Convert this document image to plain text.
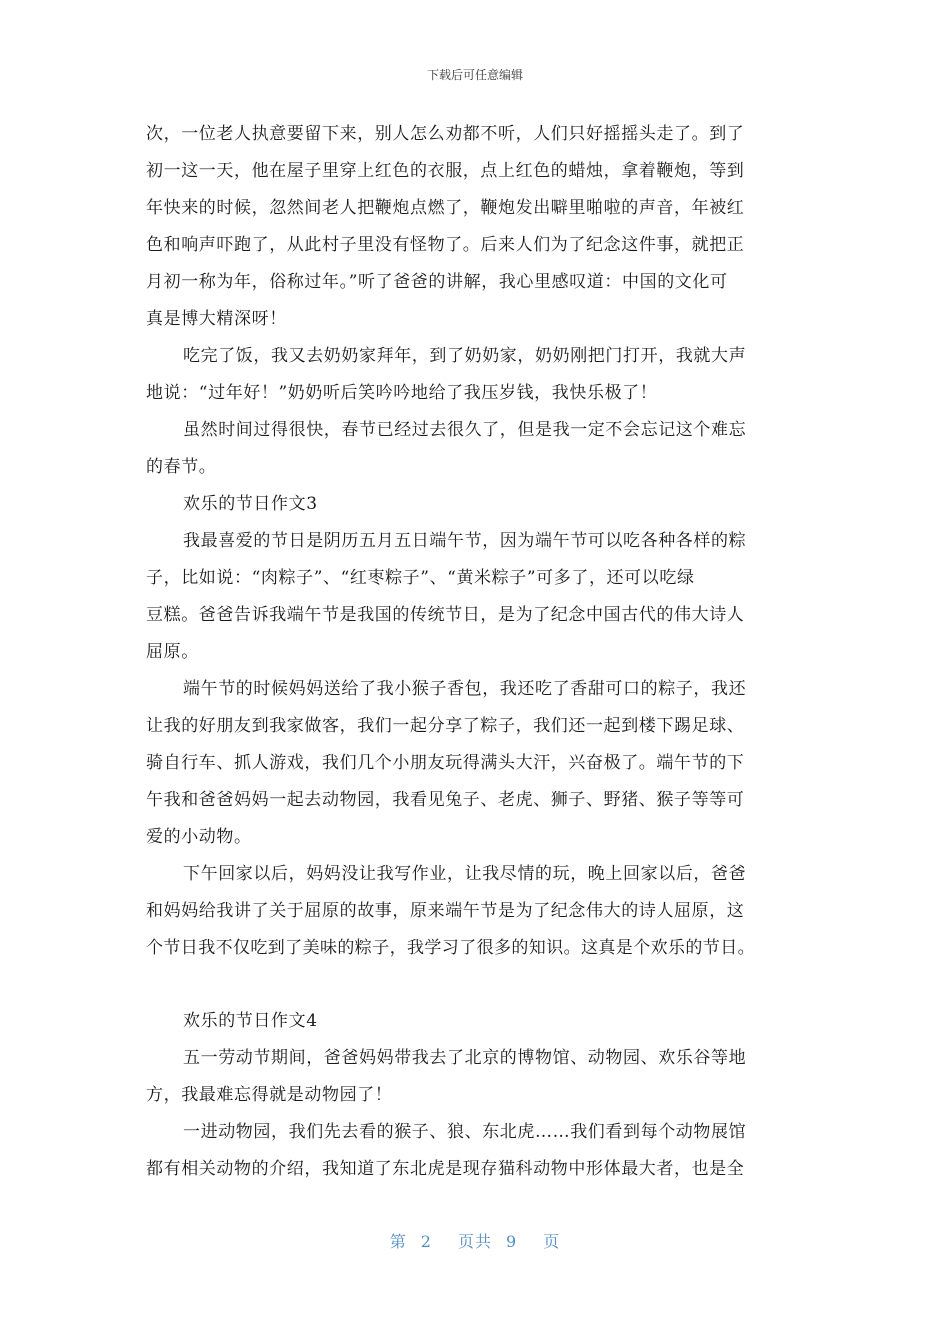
下载后可任意编辑
次，一位老人执意要留下来，别人怎么劝都不听，人们只好摇摇头走了。到了
初一这一天，他在屋子里穿上红色的衣服，点上红色的蜡烛，拿着鞭炮，等到
年快来的时候，忽然间老人把鞭炮点燃了，鞭炮发出噼里啪啦的声音，年被红
色和响声吓跑了，从此村子里没有怪物了。后来人们为了纪念这件事，就把正
月初一称为年，俗称过年。”听了爸爸的讲解，我心里感叹道：中国的文化可
真是博大精深呀！
吃完了饭，我又去奶奶家拜年，到了奶奶家，奶奶刚把门打开，我就大声
地说：“过年好！”奶奶听后笑吟吟地给了我压岁钱，我快乐极了！
虽然时间过得很快，春节已经过去很久了，但是我一定不会忘记这个难忘
的春节。
欢乐的节日作文3
我最喜爱的节日是阴历五月五日端午节，因为端午节可以吃各种各样的粽
子，比如说：“肉粽子”、“红枣粽子”、“黄米粽子”可多了，还可以吃绿
豆糕。爸爸告诉我端午节是我国的传统节日，是为了纪念中国古代的伟大诗人
屈原。
端午节的时候妈妈送给了我小猴子香包，我还吃了香甜可口的粽子，我还
让我的好朋友到我家做客，我们一起分享了粽子，我们还一起到楼下踢足球、
骑自行车、抓人游戏，我们几个小朋友玩得满头大汗，兴奋极了。端午节的下
午我和爸爸妈妈一起去动物园，我看见兔子、老虎、狮子、野猪、猴子等等可
爱的小动物。
下午回家以后，妈妈没让我写作业，让我尽情的玩，晚上回家以后，爸爸
和妈妈给我讲了关于屈原的故事，原来端午节是为了纪念伟大的诗人屈原，这
个节日我不仅吃到了美味的粽子，我学习了很多的知识。这真是个欢乐的节日。
欢乐的节日作文4
五一劳动节期间，爸爸妈妈带我去了北京的博物馆、动物园、欢乐谷等地
方，我最难忘得就是动物园了！
一进动物园，我们先去看的猴子、狼、东北虎……我们看到每个动物展馆
都有相关动物的介绍，我知道了东北虎是现存猫科动物中形体最大者，也是全
第 2 页共 9 页
